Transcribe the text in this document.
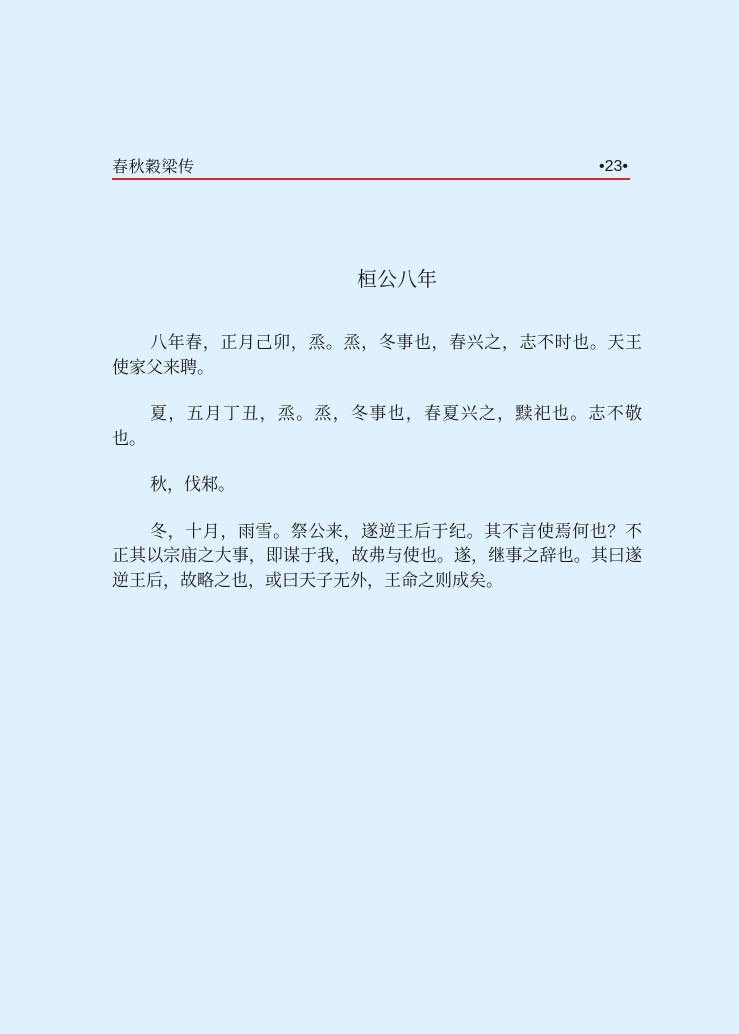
春秋穀梁传	•23•
桓公八年

八年春，正月己卯，烝。烝，冬事也，春兴之，志不时也。天王使家父来聘。

夏，五月丁丑，烝。烝，冬事也，春夏兴之，黩祀也。志不敬也。

秋，伐邾。

冬，十月，雨雪。祭公来，遂逆王后于纪。其不言使焉何也？不正其以宗庙之大事，即谋于我，故弗与使也。遂，继事之辞也。其曰遂逆王后，故略之也，或曰天子无外，王命之则成矣。
